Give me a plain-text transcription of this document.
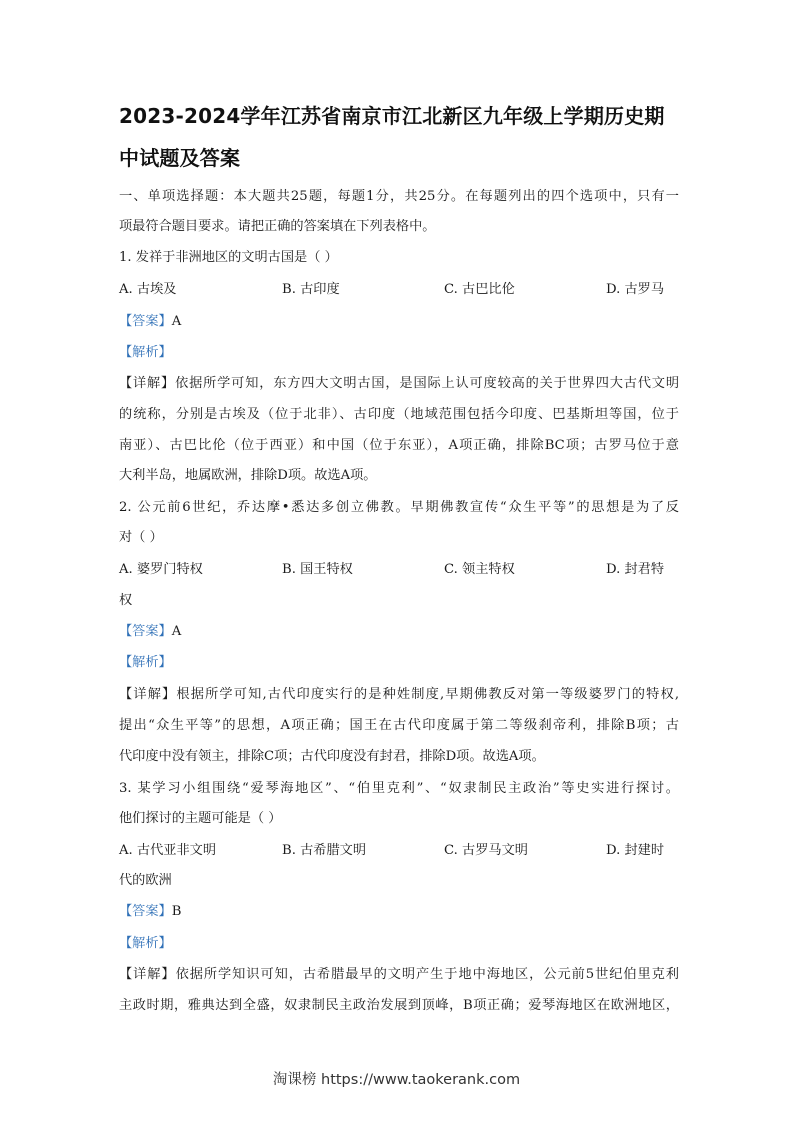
2023-2024学年江苏省南京市江北新区九年级上学期历史期
中试题及答案
一、单项选择题：本大题共25题，每题1分，共25分。在每题列出的四个选项中，只有一
项最符合题目要求。请把正确的答案填在下列表格中。
1. 发祥于非洲地区的文明古国是（ ）
A. 古埃及	B. 古印度	C. 古巴比伦	D. 古罗马
【答案】A
【解析】
【详解】依据所学可知，东方四大文明古国，是国际上认可度较高的关于世界四大古代文明
的统称，分别是古埃及（位于北非）、古印度（地域范围包括今印度、巴基斯坦等国，位于
南亚）、古巴比伦（位于西亚）和中国（位于东亚），A项正确，排除BC项；古罗马位于意
大利半岛，地属欧洲，排除D项。故选A项。
2. 公元前6世纪，乔达摩•悉达多创立佛教。早期佛教宣传“众生平等”的思想是为了反
对（ ）
A. 婆罗门特权	B. 国王特权	C. 领主特权	D. 封君特
权
【答案】A
【解析】
【详解】根据所学可知,古代印度实行的是种姓制度,早期佛教反对第一等级婆罗门的特权,
提出“众生平等”的思想，A项正确；国王在古代印度属于第二等级刹帝利，排除B项；古
代印度中没有领主，排除C项；古代印度没有封君，排除D项。故选A项。
3. 某学习小组围绕“爱琴海地区”、“伯里克利”、“奴隶制民主政治”等史实进行探讨。
他们探讨的主题可能是（ ）
A. 古代亚非文明	B. 古希腊文明	C. 古罗马文明	D. 封建时
代的欧洲
【答案】B
【解析】
【详解】依据所学知识可知，古希腊最早的文明产生于地中海地区，公元前5世纪伯里克利
主政时期，雅典达到全盛，奴隶制民主政治发展到顶峰，B项正确；爱琴海地区在欧洲地区，
淘课榜 https://www.taokerank.com
